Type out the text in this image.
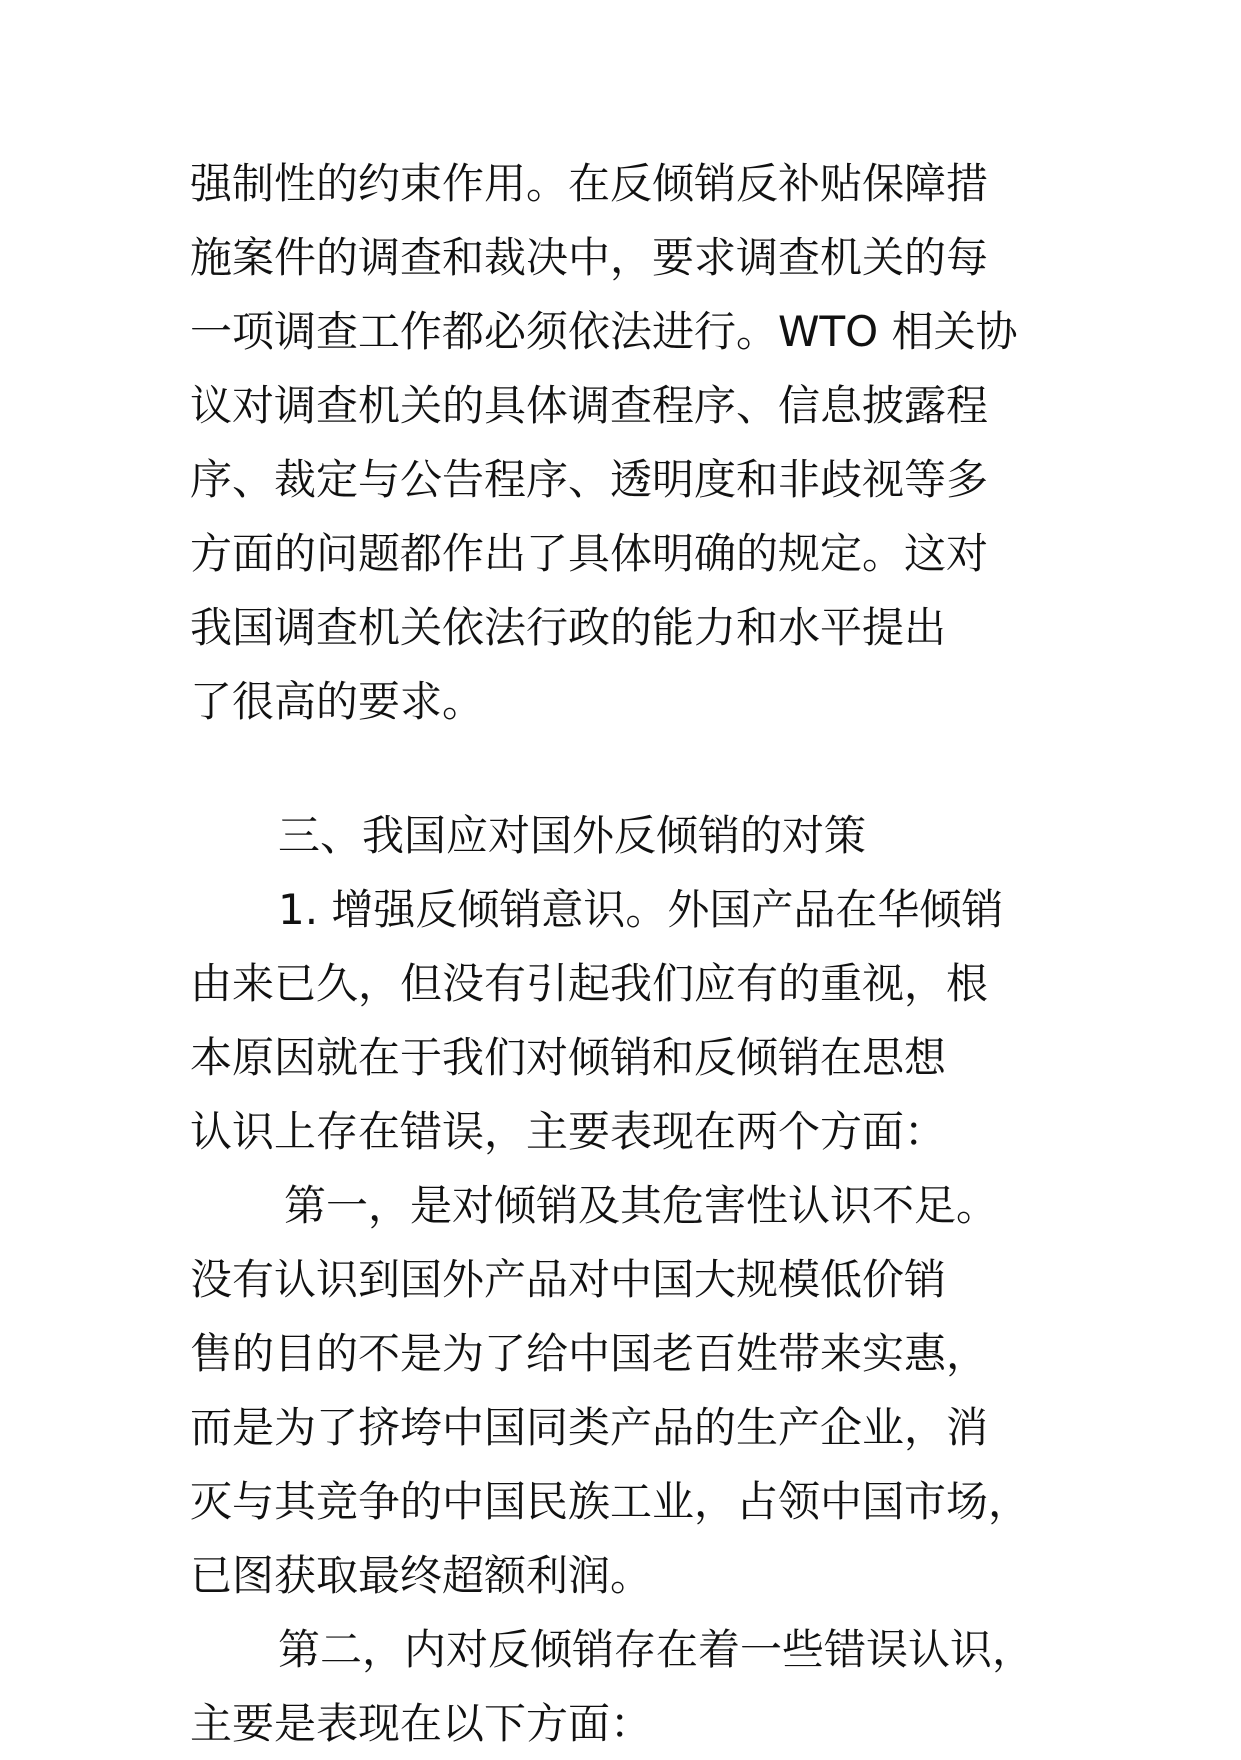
强制性的约束作用。在反倾销反补贴保障措
施案件的调查和裁决中，要求调查机关的每
一项调查工作都必须依法进行。WTO 相关协
议对调查机关的具体调查程序、信息披露程
序、裁定与公告程序、透明度和非歧视等多
方面的问题都作出了具体明确的规定。这对
我国调查机关依法行政的能力和水平提出
了很高的要求。
三、我国应对国外反倾销的对策
1. 增强反倾销意识。外国产品在华倾销
由来已久，但没有引起我们应有的重视，根
本原因就在于我们对倾销和反倾销在思想
认识上存在错误，主要表现在两个方面：
第一，是对倾销及其危害性认识不足。
没有认识到国外产品对中国大规模低价销
售的目的不是为了给中国老百姓带来实惠，
而是为了挤垮中国同类产品的生产企业，消
灭与其竞争的中国民族工业，占领中国市场，
已图获取最终超额利润。
第二，内对反倾销存在着一些错误认识，
主要是表现在以下方面：
